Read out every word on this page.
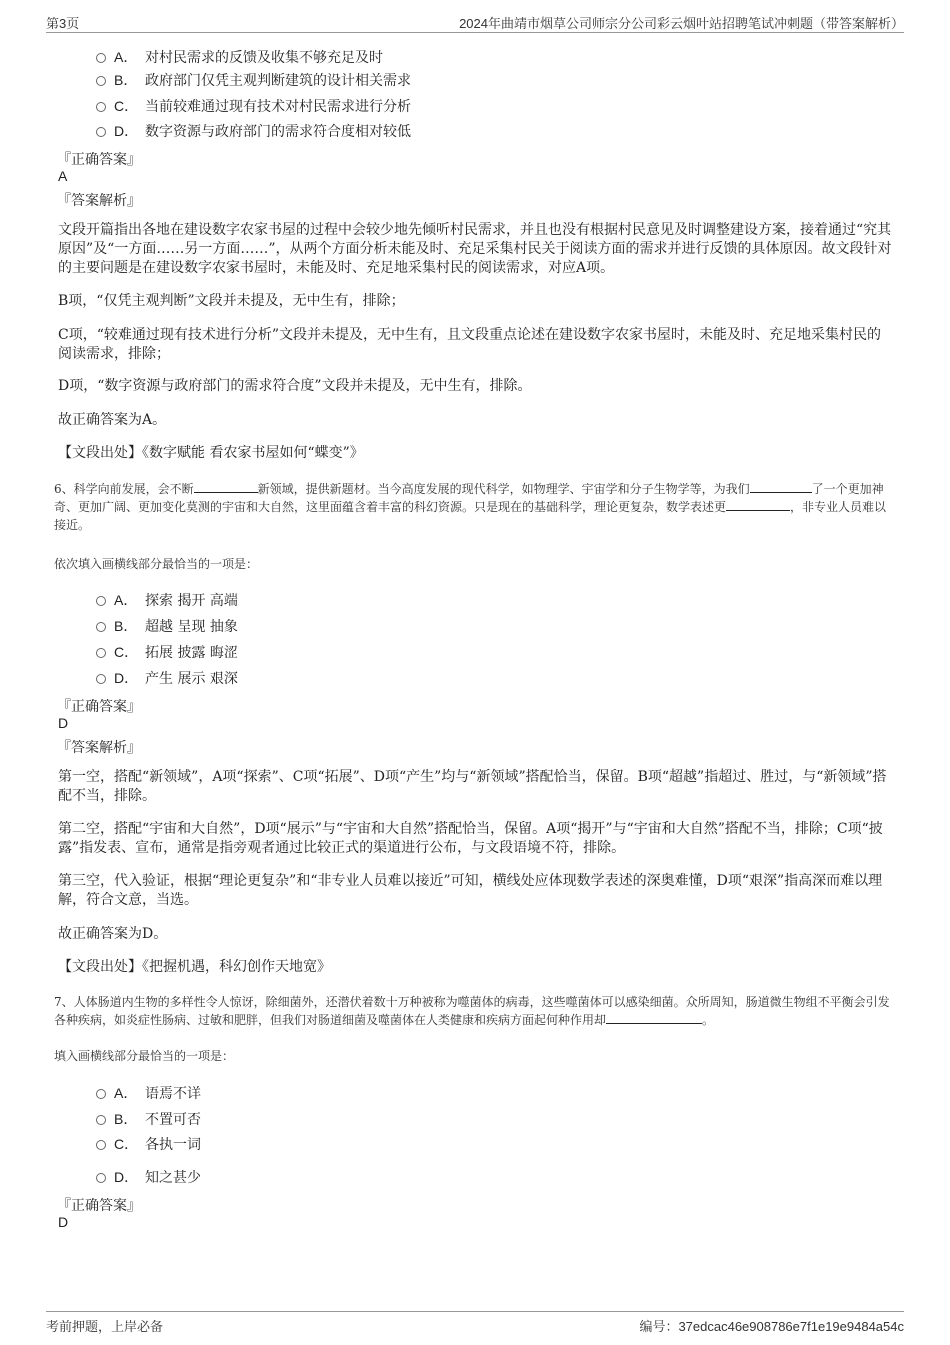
第3页	2024年曲靖市烟草公司师宗分公司彩云烟叶站招聘笔试冲刺题（带答案解析）
A． 对村民需求的反馈及收集不够充足及时
B． 政府部门仅凭主观判断建筑的设计相关需求
C． 当前较难通过现有技术对村民需求进行分析
D． 数字资源与政府部门的需求符合度相对较低
『正确答案』
A
『答案解析』
文段开篇指出各地在建设数字农家书屋的过程中会较少地先倾听村民需求，并且也没有根据村民意见及时调整建设方案，接着通过“究其原因”及“一方面……另一方面……”，从两个方面分析未能及时、充足采集村民关于阅读方面的需求并进行反馈的具体原因。故文段针对的主要问题是在建设数字农家书屋时，未能及时、充足地采集村民的阅读需求，对应A项。
B项，“仅凭主观判断”文段并未提及，无中生有，排除；
C项，“较难通过现有技术进行分析”文段并未提及，无中生有，且文段重点论述在建设数字农家书屋时，未能及时、充足地采集村民的阅读需求，排除；
D项，“数字资源与政府部门的需求符合度”文段并未提及，无中生有，排除。
故正确答案为A。
【文段出处】《数字赋能 看农家书屋如何“蝶变”》
6、科学向前发展，会不断	新领域，提供新题材。当今高度发展的现代科学，如物理学、宇宙学和分子生物学等，为我们	了一个更加神奇、更加广阔、更加变化莫测的宇宙和大自然，这里面蕴含着丰富的科幻资源。只是现在的基础科学，理论更复杂，数学表述更	，非专业人员难以接近。
依次填入画横线部分最恰当的一项是：
A． 探索 揭开 高端
B． 超越 呈现 抽象
C． 拓展 披露 晦涩
D． 产生 展示 艰深
『正确答案』
D
『答案解析』
第一空，搭配“新领域”，A项“探索”、C项“拓展”、D项“产生”均与“新领域”搭配恰当，保留。B项“超越”指超过、胜过，与“新领域”搭配不当，排除。
第二空，搭配“宇宙和大自然”，D项“展示”与“宇宙和大自然”搭配恰当，保留。A项“揭开”与“宇宙和大自然”搭配不当，排除；C项“披露”指发表、宣布，通常是指旁观者通过比较正式的渠道进行公布，与文段语境不符，排除。
第三空，代入验证，根据“理论更复杂”和“非专业人员难以接近”可知，横线处应体现数学表述的深奥难懂，D项“艰深”指高深而难以理解，符合文意，当选。
故正确答案为D。
【文段出处】《把握机遇，科幻创作天地宽》
7、人体肠道内生物的多样性令人惊讶，除细菌外，还潜伏着数十万种被称为噬菌体的病毒，这些噬菌体可以感染细菌。众所周知，肠道微生物组不平衡会引发各种疾病，如炎症性肠病、过敏和肥胖，但我们对肠道细菌及噬菌体在人类健康和疾病方面起何种作用却	。
填入画横线部分最恰当的一项是：
A． 语焉不详
B． 不置可否
C． 各执一词
D． 知之甚少
『正确答案』
D
考前押题，上岸必备	编号：37edcac46e908786e7f1e19e9484a54c
